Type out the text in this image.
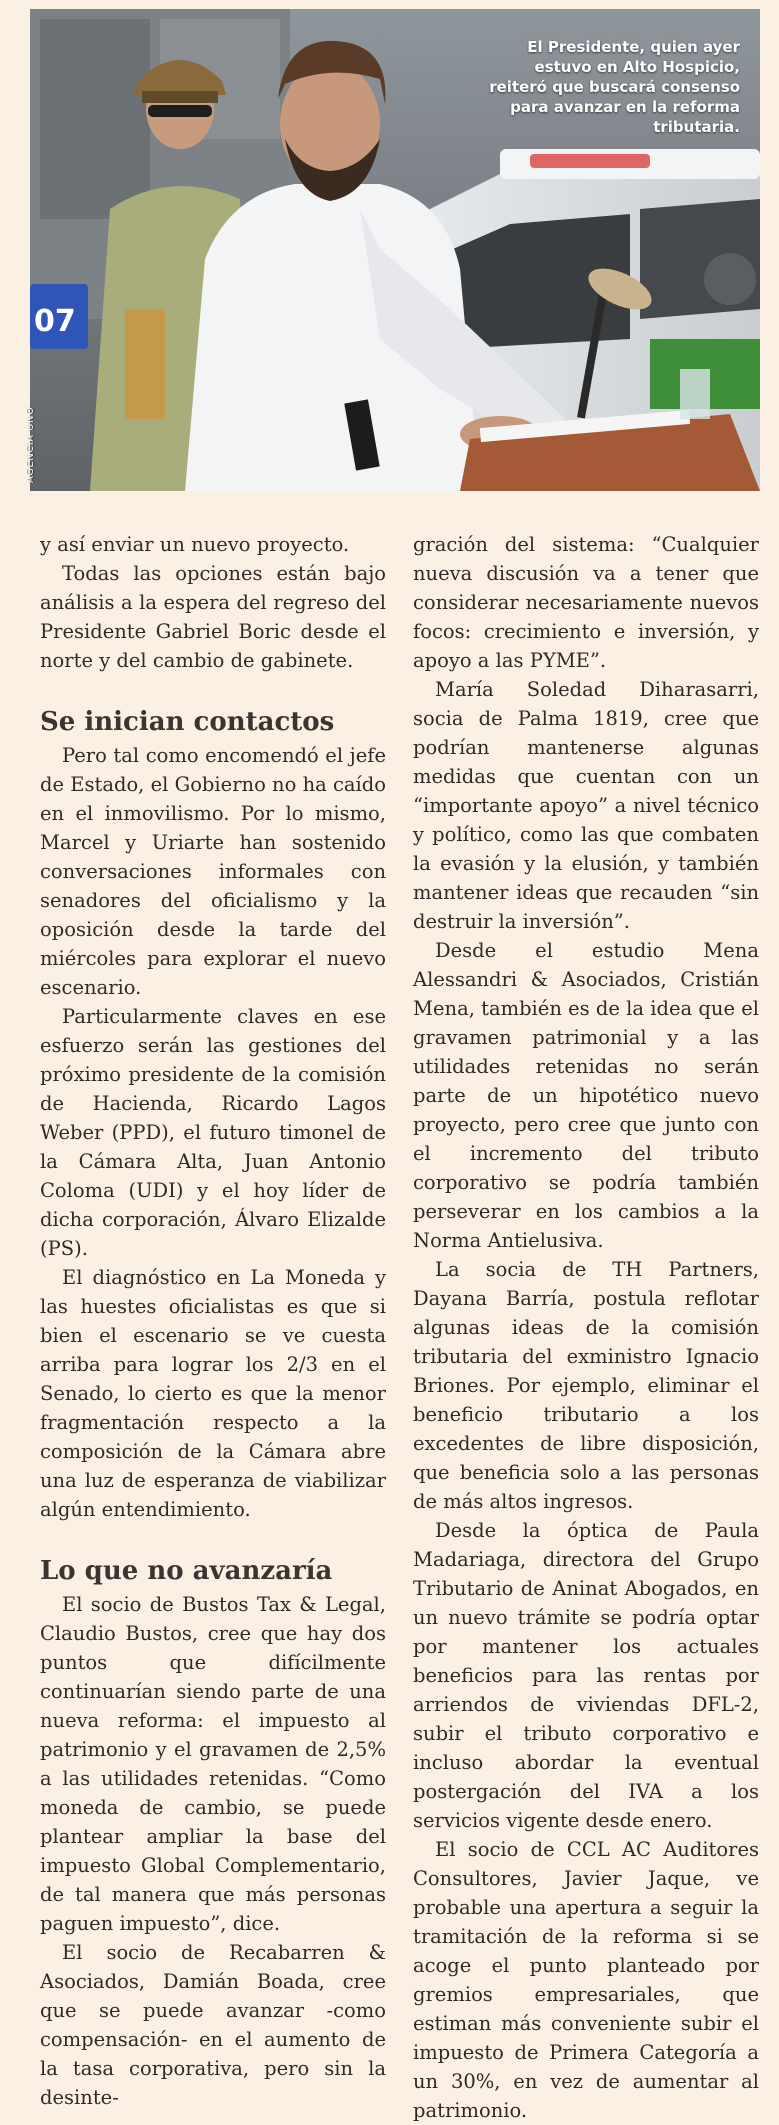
07
El Presidente, quien ayer estuvo en Alto Hospicio, reiteró que buscará consenso para avanzar en la reforma tributaria.
AGENCIA UNO

y así enviar un nuevo proyecto.

Todas las opciones están bajo análisis a la espera del regreso del Presidente Gabriel Boric desde el norte y del cambio de gabinete.

Se inician contactos

Pero tal como encomendó el jefe de Estado, el Gobierno no ha caído en el inmovilismo. Por lo mismo, Marcel y Uriarte han sostenido conversaciones informales con senadores del oficialismo y la oposición desde la tarde del miércoles para explorar el nuevo escenario.

Particularmente claves en ese esfuerzo serán las gestiones del próximo presidente de la comisión de Hacienda, Ricardo Lagos Weber (PPD), el futuro timonel de la Cámara Alta, Juan Antonio Coloma (UDI) y el hoy líder de dicha corporación, Álvaro Elizalde (PS).

El diagnóstico en La Moneda y las huestes oficialistas es que si bien el escenario se ve cuesta arriba para lograr los 2/3 en el Senado, lo cierto es que la menor fragmentación respecto a la composición de la Cámara abre una luz de esperanza de viabilizar algún entendimiento.

Lo que no avanzaría

El socio de Bustos Tax & Legal, Claudio Bustos, cree que hay dos puntos que difícilmente continuarían siendo parte de una nueva reforma: el impuesto al patrimonio y el gravamen de 2,5% a las utilidades retenidas. “Como moneda de cambio, se puede plantear ampliar la base del impuesto Global Complementario, de tal manera que más personas paguen impuesto”, dice.

El socio de Recabarren & Asociados, Damián Boada, cree que se puede avanzar -como compensación- en el aumento de la tasa corporativa, pero sin la desinte-

gración del sistema: “Cualquier nueva discusión va a tener que considerar necesariamente nuevos focos: crecimiento e inversión, y apoyo a las PYME”.

María Soledad Diharasarri, socia de Palma 1819, cree que podrían mantenerse algunas medidas que cuentan con un “importante apoyo” a nivel técnico y político, como las que combaten la evasión y la elusión, y también mantener ideas que recauden “sin destruir la inversión”.

Desde el estudio Mena Alessandri & Asociados, Cristián Mena, también es de la idea que el gravamen patrimonial y a las utilidades retenidas no serán parte de un hipotético nuevo proyecto, pero cree que junto con el incremento del tributo corporativo se podría también perseverar en los cambios a la Norma Antielusiva.

La socia de TH Partners, Dayana Barría, postula reflotar algunas ideas de la comisión tributaria del exministro Ignacio Briones. Por ejemplo, eliminar el beneficio tributario a los excedentes de libre disposición, que beneficia solo a las personas de más altos ingresos.

Desde la óptica de Paula Madariaga, directora del Grupo Tributario de Aninat Abogados, en un nuevo trámite se podría optar por mantener los actuales beneficios para las rentas por arriendos de viviendas DFL-2, subir el tributo corporativo e incluso abordar la eventual postergación del IVA a los servicios vigente desde enero.

El socio de CCL AC Auditores Consultores, Javier Jaque, ve probable una apertura a seguir la tramitación de la reforma si se acoge el punto planteado por gremios empresariales, que estiman más conveniente subir el impuesto de Primera Categoría a un 30%, en vez de aumentar al patrimonio.
